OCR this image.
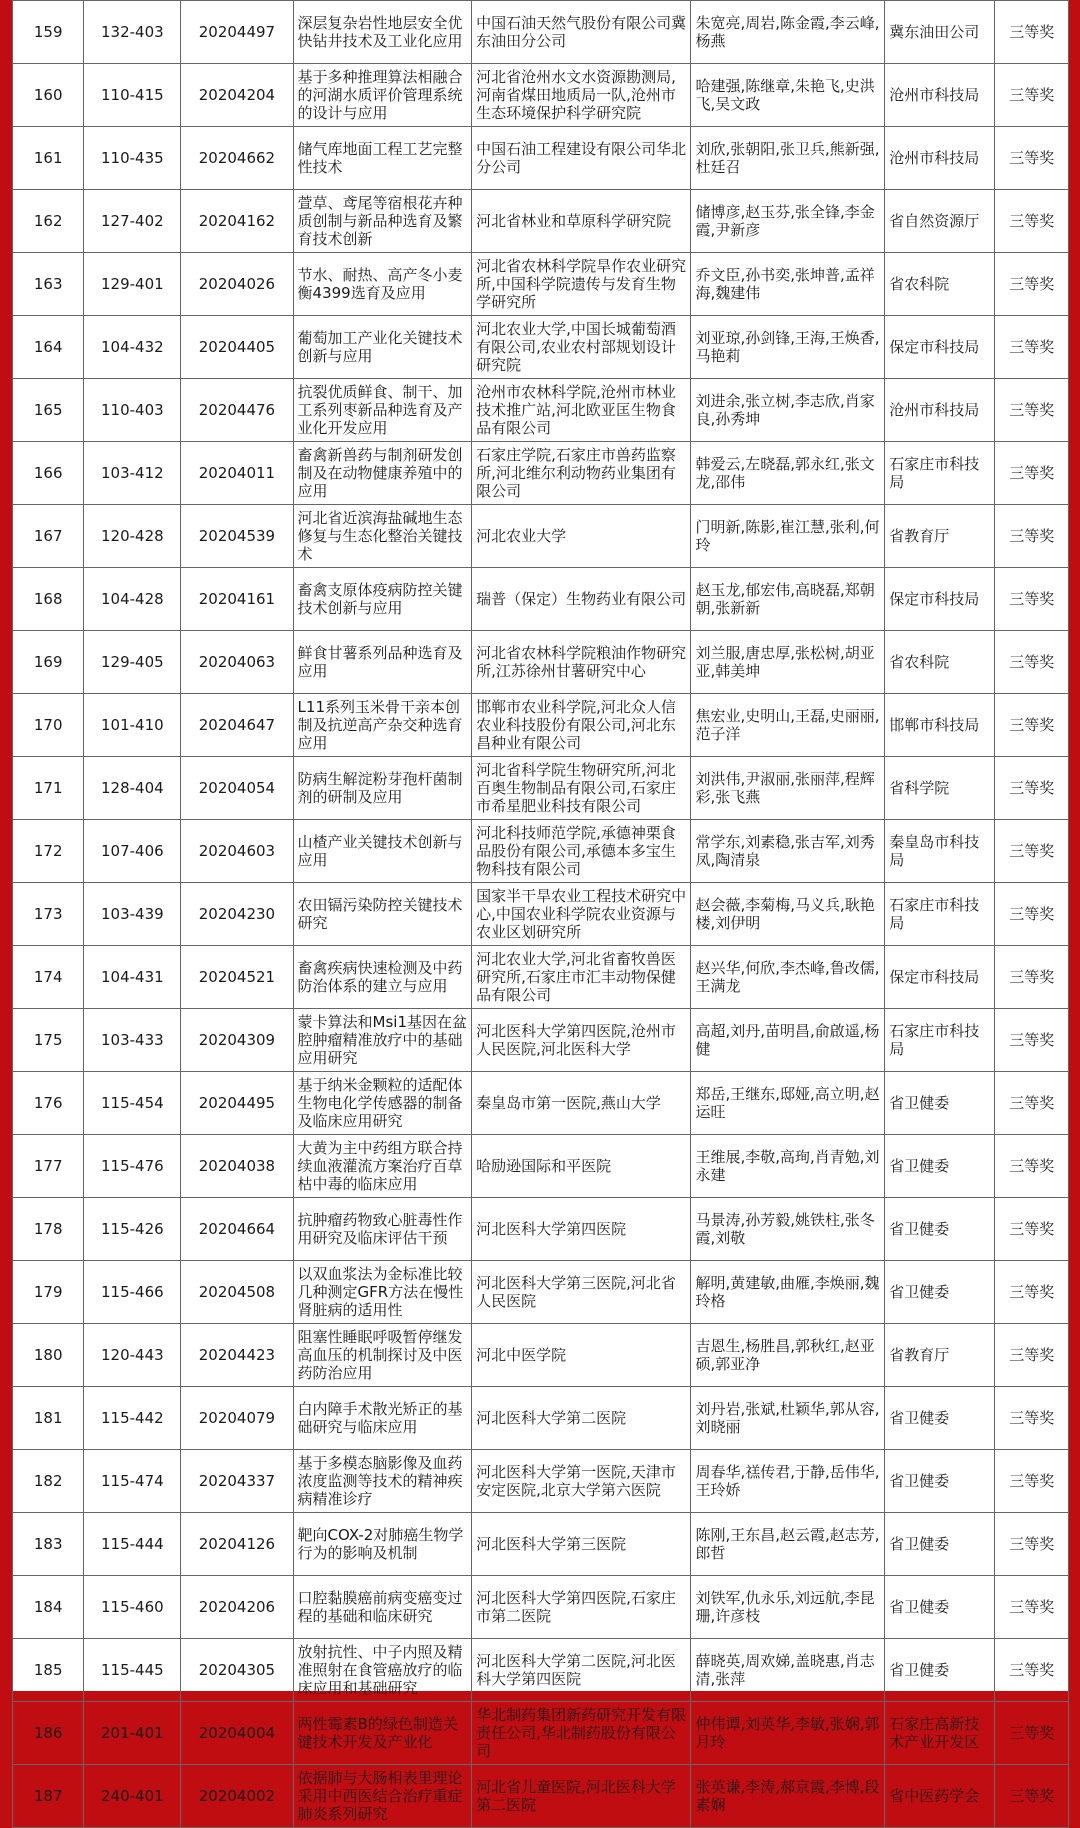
159	132-403	20204497	深层复杂岩性地层安全优快钻井技术及工业化应用	中国石油天然气股份有限公司冀东油田分公司	朱宽亮,周岩,陈金霞,李云峰,杨燕	冀东油田公司	三等奖
160	110-415	20204204	基于多种推理算法相融合的河湖水质评价管理系统的设计与应用	河北省沧州水文水资源勘测局,河南省煤田地质局一队,沧州市生态环境保护科学研究院	哈建强,陈继章,朱艳飞,史洪飞,吴文政	沧州市科技局	三等奖
161	110-435	20204662	储气库地面工程工艺完整性技术	中国石油工程建设有限公司华北分公司	刘欣,张朝阳,张卫兵,熊新强,杜廷召	沧州市科技局	三等奖
162	127-402	20204162	萱草、鸢尾等宿根花卉种质创制与新品种选育及繁育技术创新	河北省林业和草原科学研究院	储博彦,赵玉芬,张全锋,李金霞,尹新彦	省自然资源厅	三等奖
163	129-401	20204026	节水、耐热、高产冬小麦衡4399选育及应用	河北省农林科学院旱作农业研究所,中国科学院遗传与发育生物学研究所	乔文臣,孙书奕,张坤普,孟祥海,魏建伟	省农科院	三等奖
164	104-432	20204405	葡萄加工产业化关键技术创新与应用	河北农业大学,中国长城葡萄酒有限公司,农业农村部规划设计研究院	刘亚琼,孙剑锋,王海,王焕香,马艳莉	保定市科技局	三等奖
165	110-403	20204476	抗裂优质鲜食、制干、加工系列枣新品种选育及产业化开发应用	沧州市农林科学院,沧州市林业技术推广站,河北欧亚匡生物食品有限公司	刘进余,张立树,李志欣,肖家良,孙秀坤	沧州市科技局	三等奖
166	103-412	20204011	畜禽新兽药与制剂研发创制及在动物健康养殖中的应用	石家庄学院,石家庄市兽药监察所,河北维尔利动物药业集团有限公司	韩爱云,左晓磊,郭永红,张文龙,邵伟	石家庄市科技局	三等奖
167	120-428	20204539	河北省近滨海盐碱地生态修复与生态化整治关键技术	河北农业大学	门明新,陈影,崔江慧,张利,何玲	省教育厅	三等奖
168	104-428	20204161	畜禽支原体疫病防控关键技术创新与应用	瑞普（保定）生物药业有限公司	赵玉龙,郁宏伟,高晓磊,郑朝朝,张新新	保定市科技局	三等奖
169	129-405	20204063	鲜食甘薯系列品种选育及应用	河北省农林科学院粮油作物研究所,江苏徐州甘薯研究中心	刘兰服,唐忠厚,张松树,胡亚亚,韩美坤	省农科院	三等奖
170	101-410	20204647	L11系列玉米骨干亲本创制及抗逆高产杂交种选育应用	邯郸市农业科学院,河北众人信农业科技股份有限公司,河北东昌种业有限公司	焦宏业,史明山,王磊,史丽丽,范子洋	邯郸市科技局	三等奖
171	128-404	20204054	防病生解淀粉芽孢杆菌制剂的研制及应用	河北省科学院生物研究所,河北百奥生物制品有限公司,石家庄市希星肥业科技有限公司	刘洪伟,尹淑丽,张丽萍,程辉彩,张飞燕	省科学院	三等奖
172	107-406	20204603	山楂产业关键技术创新与应用	河北科技师范学院,承德神栗食品股份有限公司,承德本多宝生物科技有限公司	常学东,刘素稳,张吉军,刘秀凤,陶清泉	秦皇岛市科技局	三等奖
173	103-439	20204230	农田镉污染防控关键技术研究	国家半干旱农业工程技术研究中心,中国农业科学院农业资源与农业区划研究所	赵会薇,李菊梅,马义兵,耿艳楼,刘伊明	石家庄市科技局	三等奖
174	104-431	20204521	畜禽疾病快速检测及中药防治体系的建立与应用	河北农业大学,河北省畜牧兽医研究所,石家庄市汇丰动物保健品有限公司	赵兴华,何欣,李杰峰,鲁改儒,王满龙	保定市科技局	三等奖
175	103-433	20204309	蒙卡算法和Msi1基因在盆腔肿瘤精准放疗中的基础应用研究	河北医科大学第四医院,沧州市人民医院,河北医科大学	高超,刘丹,苗明昌,俞啟遥,杨健	石家庄市科技局	三等奖
176	115-454	20204495	基于纳米金颗粒的适配体生物电化学传感器的制备及临床应用研究	秦皇岛市第一医院,燕山大学	郑岳,王继东,邸娅,高立明,赵运旺	省卫健委	三等奖
177	115-476	20204038	大黄为主中药组方联合持续血液灌流方案治疗百草枯中毒的临床应用	哈励逊国际和平医院	王维展,李敬,高珣,肖青勉,刘永建	省卫健委	三等奖
178	115-426	20204664	抗肿瘤药物致心脏毒性作用研究及临床评估干预	河北医科大学第四医院	马景涛,孙芳毅,姚铁柱,张冬霞,刘敬	省卫健委	三等奖
179	115-466	20204508	以双血浆法为金标准比较几种测定GFR方法在慢性肾脏病的适用性	河北医科大学第三医院,河北省人民医院	解明,黄建敏,曲雁,李焕丽,魏玲格	省卫健委	三等奖
180	120-443	20204423	阻塞性睡眠呼吸暂停继发高血压的机制探讨及中医药防治应用	河北中医学院	吉恩生,杨胜昌,郭秋红,赵亚硕,郭亚净	省教育厅	三等奖
181	115-442	20204079	白内障手术散光矫正的基础研究与临床应用	河北医科大学第二医院	刘丹岩,张斌,杜颖华,郭从容,刘晓丽	省卫健委	三等奖
182	115-474	20204337	基于多模态脑影像及血药浓度监测等技术的精神疾病精准诊疗	河北医科大学第一医院,天津市安定医院,北京大学第六医院	周春华,禚传君,于静,岳伟华,王玲娇	省卫健委	三等奖
183	115-444	20204126	靶向COX-2对肺癌生物学行为的影响及机制	河北医科大学第三医院	陈刚,王东昌,赵云霞,赵志芳,郎哲	省卫健委	三等奖
184	115-460	20204206	口腔黏膜癌前病变癌变过程的基础和临床研究	河北医科大学第四医院,石家庄市第二医院	刘铁军,仇永乐,刘远航,李昆珊,许彦枝	省卫健委	三等奖
185	115-445	20204305	放射抗性、中子内照及精准照射在食管癌放疗的临床应用和基础研究	河北医科大学第二医院,河北医科大学第四医院	薛晓英,周欢娣,盖晓惠,肖志清,张萍	省卫健委	三等奖
186	201-401	20204004	两性霉素B的绿色制造关键技术开发及产业化	华北制药集团新药研究开发有限责任公司,华北制药股份有限公司	仲伟谭,刘英华,李敏,张娴,郭月玲	石家庄高新技术产业开发区	三等奖
187	240-401	20204002	依据肺与大肠相表里理论采用中西医结合治疗重症肺炎系列研究	河北省儿童医院,河北医科大学第二医院	张英谦,李涛,郝京霞,李博,段素娴	省中医药学会	三等奖
